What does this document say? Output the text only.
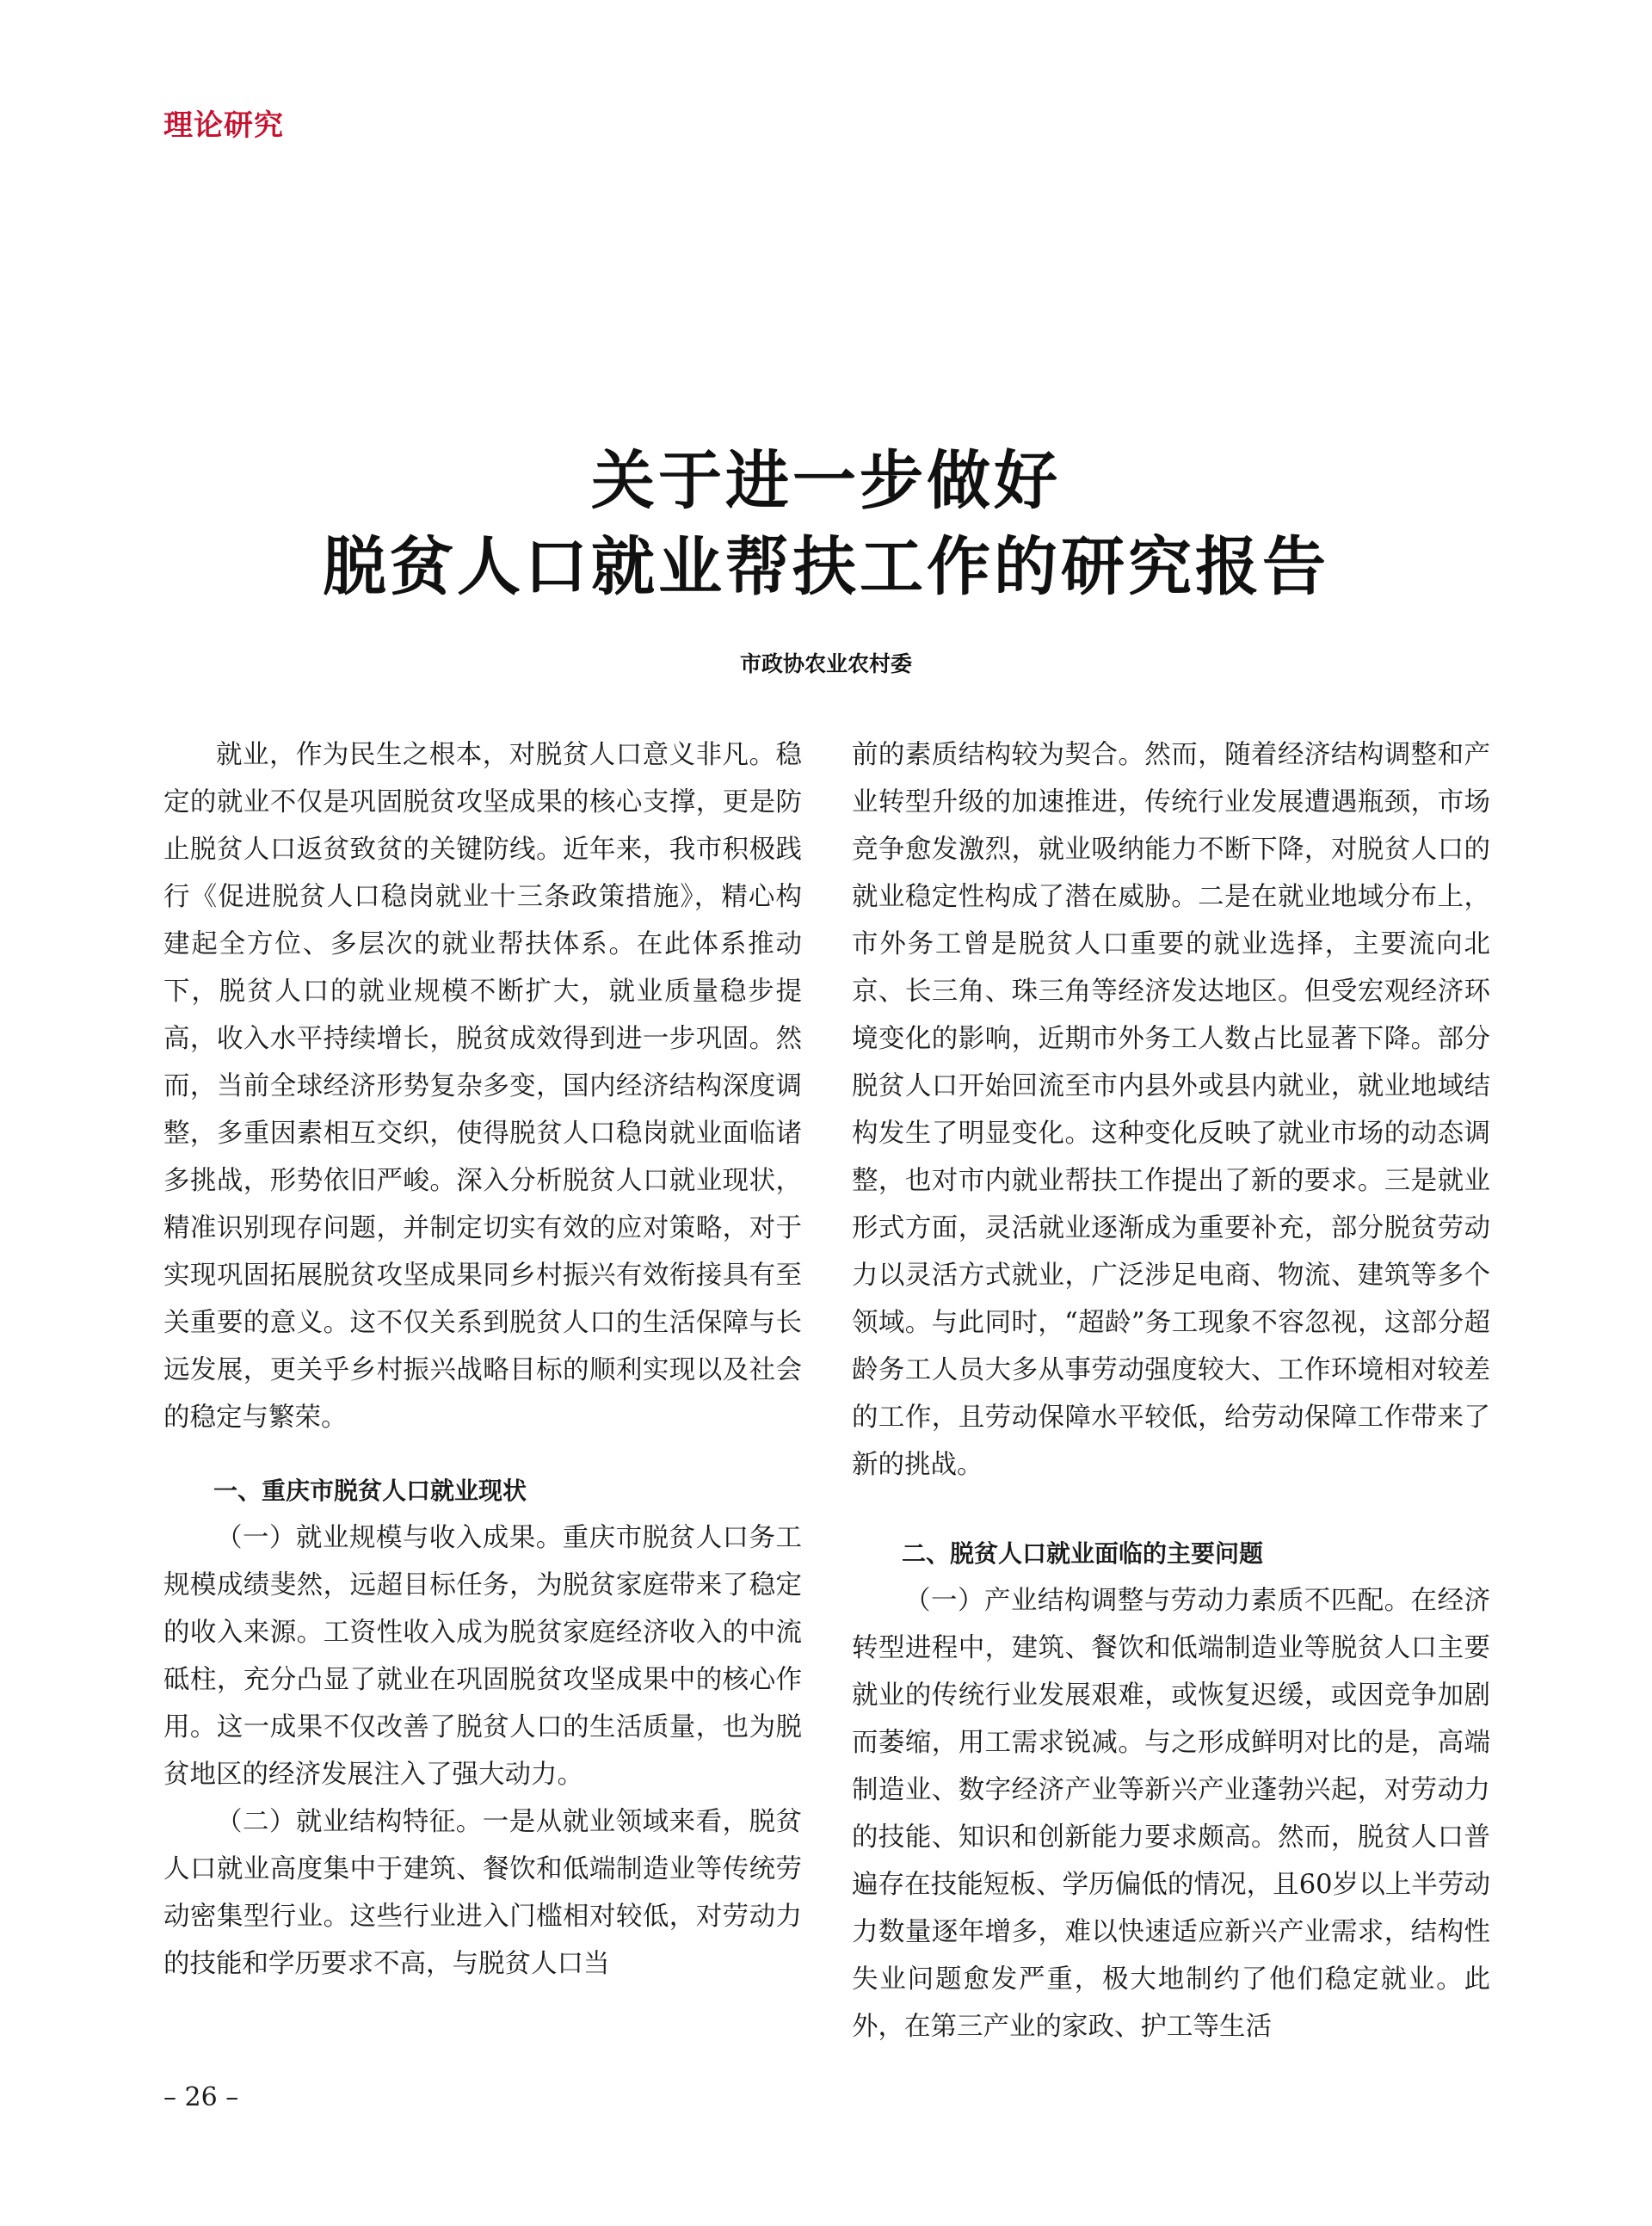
理论研究
关于进一步做好
脱贫人口就业帮扶工作的研究报告
市政协农业农村委

就业，作为民生之根本，对脱贫人口意义非凡。稳定的就业不仅是巩固脱贫攻坚成果的核心支撑，更是防止脱贫人口返贫致贫的关键防线。近年来，我市积极践行《促进脱贫人口稳岗就业十三条政策措施》，精心构建起全方位、多层次的就业帮扶体系。在此体系推动下，脱贫人口的就业规模不断扩大，就业质量稳步提高，收入水平持续增长，脱贫成效得到进一步巩固。然而，当前全球经济形势复杂多变，国内经济结构深度调整，多重因素相互交织，使得脱贫人口稳岗就业面临诸多挑战，形势依旧严峻。深入分析脱贫人口就业现状，精准识别现存问题，并制定切实有效的应对策略，对于实现巩固拓展脱贫攻坚成果同乡村振兴有效衔接具有至关重要的意义。这不仅关系到脱贫人口的生活保障与长远发展，更关乎乡村振兴战略目标的顺利实现以及社会的稳定与繁荣。

一、重庆市脱贫人口就业现状

（一）就业规模与收入成果。重庆市脱贫人口务工规模成绩斐然，远超目标任务，为脱贫家庭带来了稳定的收入来源。工资性收入成为脱贫家庭经济收入的中流砥柱，充分凸显了就业在巩固脱贫攻坚成果中的核心作用。这一成果不仅改善了脱贫人口的生活质量，也为脱贫地区的经济发展注入了强大动力。

（二）就业结构特征。一是从就业领域来看，脱贫人口就业高度集中于建筑、餐饮和低端制造业等传统劳动密集型行业。这些行业进入门槛相对较低，对劳动力的技能和学历要求不高，与脱贫人口当

前的素质结构较为契合。然而，随着经济结构调整和产业转型升级的加速推进，传统行业发展遭遇瓶颈，市场竞争愈发激烈，就业吸纳能力不断下降，对脱贫人口的就业稳定性构成了潜在威胁。二是在就业地域分布上，市外务工曾是脱贫人口重要的就业选择，主要流向北京、长三角、珠三角等经济发达地区。但受宏观经济环境变化的影响，近期市外务工人数占比显著下降。部分脱贫人口开始回流至市内县外或县内就业，就业地域结构发生了明显变化。这种变化反映了就业市场的动态调整，也对市内就业帮扶工作提出了新的要求。三是就业形式方面，灵活就业逐渐成为重要补充，部分脱贫劳动力以灵活方式就业，广泛涉足电商、物流、建筑等多个领域。与此同时，“超龄”务工现象不容忽视，这部分超龄务工人员大多从事劳动强度较大、工作环境相对较差的工作，且劳动保障水平较低，给劳动保障工作带来了新的挑战。

二、脱贫人口就业面临的主要问题

（一）产业结构调整与劳动力素质不匹配。在经济转型进程中，建筑、餐饮和低端制造业等脱贫人口主要就业的传统行业发展艰难，或恢复迟缓，或因竞争加剧而萎缩，用工需求锐减。与之形成鲜明对比的是，高端制造业、数字经济产业等新兴产业蓬勃兴起，对劳动力的技能、知识和创新能力要求颇高。然而，脱贫人口普遍存在技能短板、学历偏低的情况，且60岁以上半劳动力数量逐年增多，难以快速适应新兴产业需求，结构性失业问题愈发严重，极大地制约了他们稳定就业。此外，在第三产业的家政、护工等生活

– 26 –
